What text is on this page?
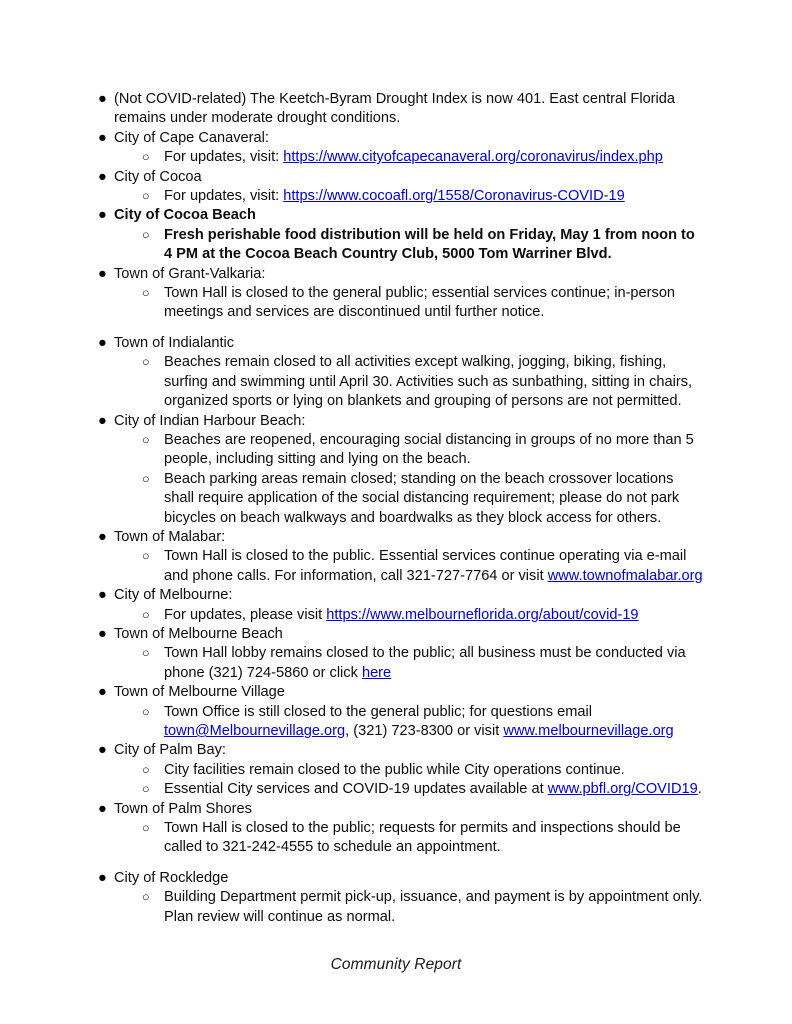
● (Not COVID-related) The Keetch-Byram Drought Index is now 401. East central Florida remains under moderate drought conditions.
● City of Cape Canaveral:
○ For updates, visit: https://www.cityofcapecanaveral.org/coronavirus/index.php
● City of Cocoa
○ For updates, visit: https://www.cocoafl.org/1558/Coronavirus-COVID-19
● City of Cocoa Beach
○ Fresh perishable food distribution will be held on Friday, May 1 from noon to 4 PM at the Cocoa Beach Country Club, 5000 Tom Warriner Blvd.
● Town of Grant-Valkaria:
○ Town Hall is closed to the general public; essential services continue; in-person meetings and services are discontinued until further notice.
● Town of Indialantic
○ Beaches remain closed to all activities except walking, jogging, biking, fishing, surfing and swimming until April 30. Activities such as sunbathing, sitting in chairs, organized sports or lying on blankets and grouping of persons are not permitted.
● City of Indian Harbour Beach:
○ Beaches are reopened, encouraging social distancing in groups of no more than 5 people, including sitting and lying on the beach.
○ Beach parking areas remain closed; standing on the beach crossover locations shall require application of the social distancing requirement; please do not park bicycles on beach walkways and boardwalks as they block access for others.
● Town of Malabar:
○ Town Hall is closed to the public. Essential services continue operating via e-mail and phone calls. For information, call 321-727-7764 or visit www.townofmalabar.org
● City of Melbourne:
○ For updates, please visit https://www.melbourneflorida.org/about/covid-19
● Town of Melbourne Beach
○ Town Hall lobby remains closed to the public; all business must be conducted via phone (321) 724-5860 or click here
● Town of Melbourne Village
○ Town Office is still closed to the general public; for questions email town@Melbournevillage.org, (321) 723-8300 or visit www.melbournevillage.org
● City of Palm Bay:
○ City facilities remain closed to the public while City operations continue.
○ Essential City services and COVID-19 updates available at www.pbfl.org/COVID19.
● Town of Palm Shores
○ Town Hall is closed to the public; requests for permits and inspections should be called to 321-242-4555 to schedule an appointment.
● City of Rockledge
○ Building Department permit pick-up, issuance, and payment is by appointment only. Plan review will continue as normal.
Community Report
